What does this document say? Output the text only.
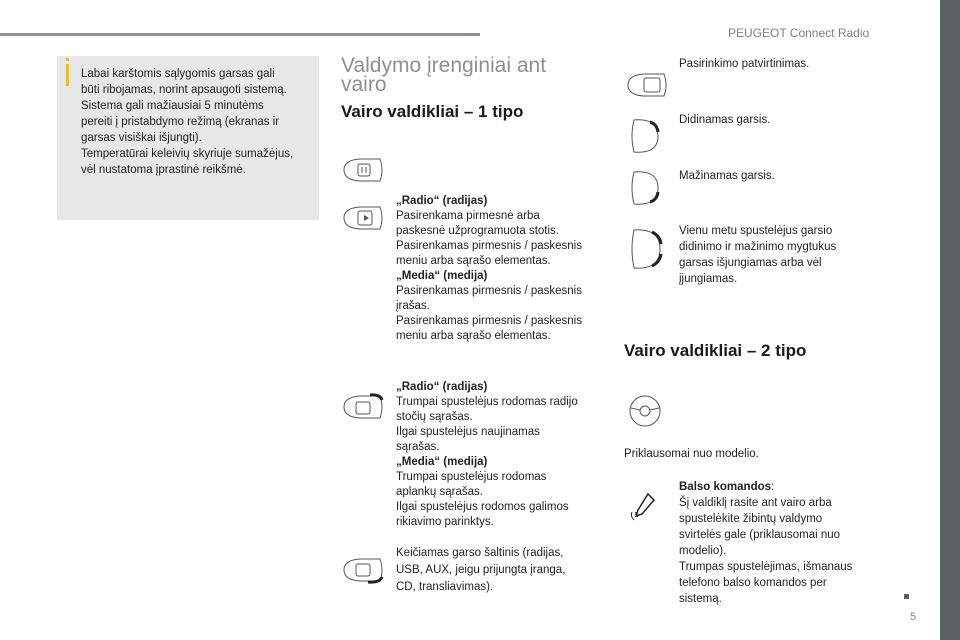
PEUGEOT Connect Radio
5

Labai karštomis sąlygomis garsas gali
būti ribojamas, norint apsaugoti sistemą.
Sistema gali mažiausiai 5 minutėms
pereiti į pristabdymo režimą (ekranas ir
garsas visiškai išjungti).
Temperatūrai keleivių skyriuje sumažėjus,
vėl nustatoma įprastinė reikšmė.

Valdymo įrenginiai ant
vairo
Vairo valdikliai – 1 tipo
„Radio“ (radijas)
Pasirenkama pirmesnė arba
paskesnė užprogramuota stotis.
Pasirenkamas pirmesnis / paskesnis
meniu arba sąrašo elementas.
„Media“ (medija)
Pasirenkamas pirmesnis / paskesnis
įrašas.
Pasirenkamas pirmesnis / paskesnis
meniu arba sąrašo elementas.
„Radio“ (radijas)
Trumpai spustelėjus rodomas radijo
stočių sąrašas.
Ilgai spustelėjus naujinamas
sąrašas.
„Media“ (medija)
Trumpai spustelėjus rodomas
aplankų sąrašas.
Ilgai spustelėjus rodomos galimos
rikiavimo parinktys.
Keičiamas garso šaltinis (radijas,
USB, AUX, jeigu prijungta įranga,
CD, transliavimas).
Pasirinkimo patvirtinimas.
Didinamas garsis.
Mažinamas garsis.
Vienu metu spustelėjus garsio
didinimo ir mažinimo mygtukus
garsas išjungiamas arba vėl
įjungiamas.
Vairo valdikliai – 2 tipo
Priklausomai nuo modelio.
Balso komandos:
Šį valdiklį rasite ant vairo arba
spustelėkite žibintų valdymo
svirtelės gale (priklausomai nuo
modelio).
Trumpas spustelėjimas, išmanaus
telefono balso komandos per
sistemą.
